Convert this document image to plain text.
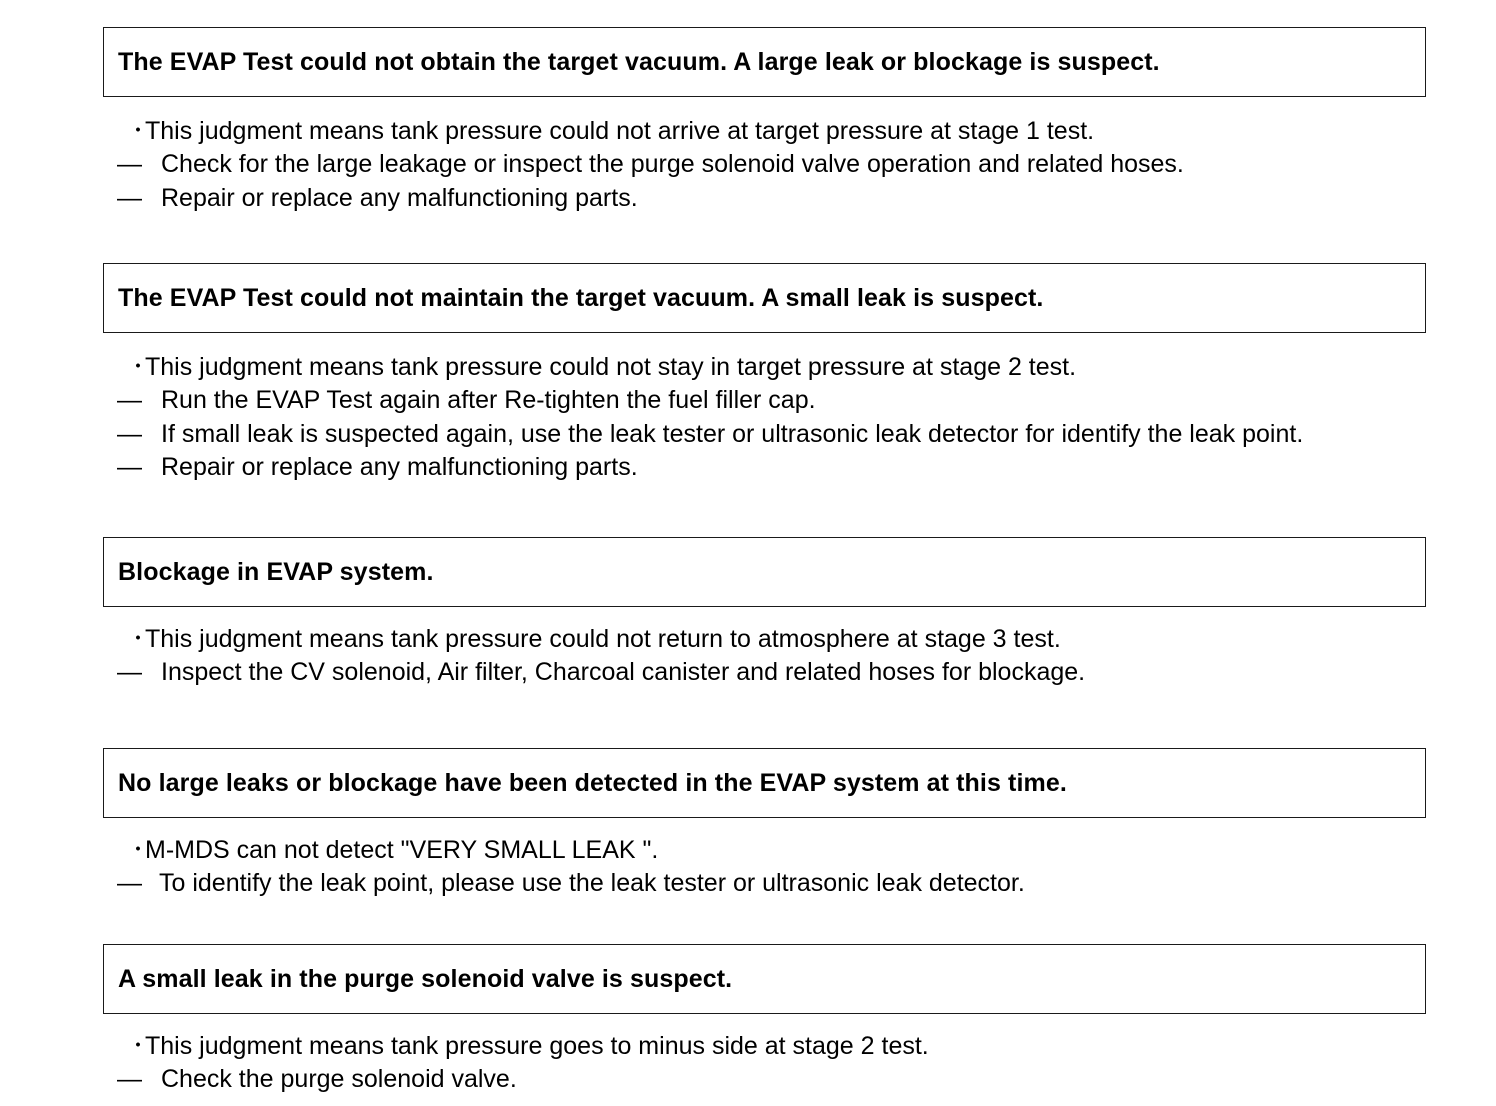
The EVAP Test could not obtain the target vacuum. A large leak or blockage is suspect.
・
This judgment means tank pressure could not arrive at target pressure at stage 1 test.
— Check for the large leakage or inspect the purge solenoid valve operation and related hoses.
— Repair or replace any malfunctioning parts.
The EVAP Test could not maintain the target vacuum. A small leak is suspect.
・
This judgment means tank pressure could not stay in target pressure at stage 2 test.
— Run the EVAP Test again after Re-tighten the fuel filler cap.
— If small leak is suspected again, use the leak tester or ultrasonic leak detector for identify the leak point.
— Repair or replace any malfunctioning parts.
Blockage in EVAP system.
・
This judgment means tank pressure could not return to atmosphere at stage 3 test.
— Inspect the CV solenoid, Air filter, Charcoal canister and related hoses for blockage.
No large leaks or blockage have been detected in the EVAP system at this time.
・
M-MDS can not detect "VERY SMALL LEAK ".
— To identify the leak point, please use the leak tester or ultrasonic leak detector.
A small leak in the purge solenoid valve is suspect.
・
This judgment means tank pressure goes to minus side at stage 2 test.
— Check the purge solenoid valve.
